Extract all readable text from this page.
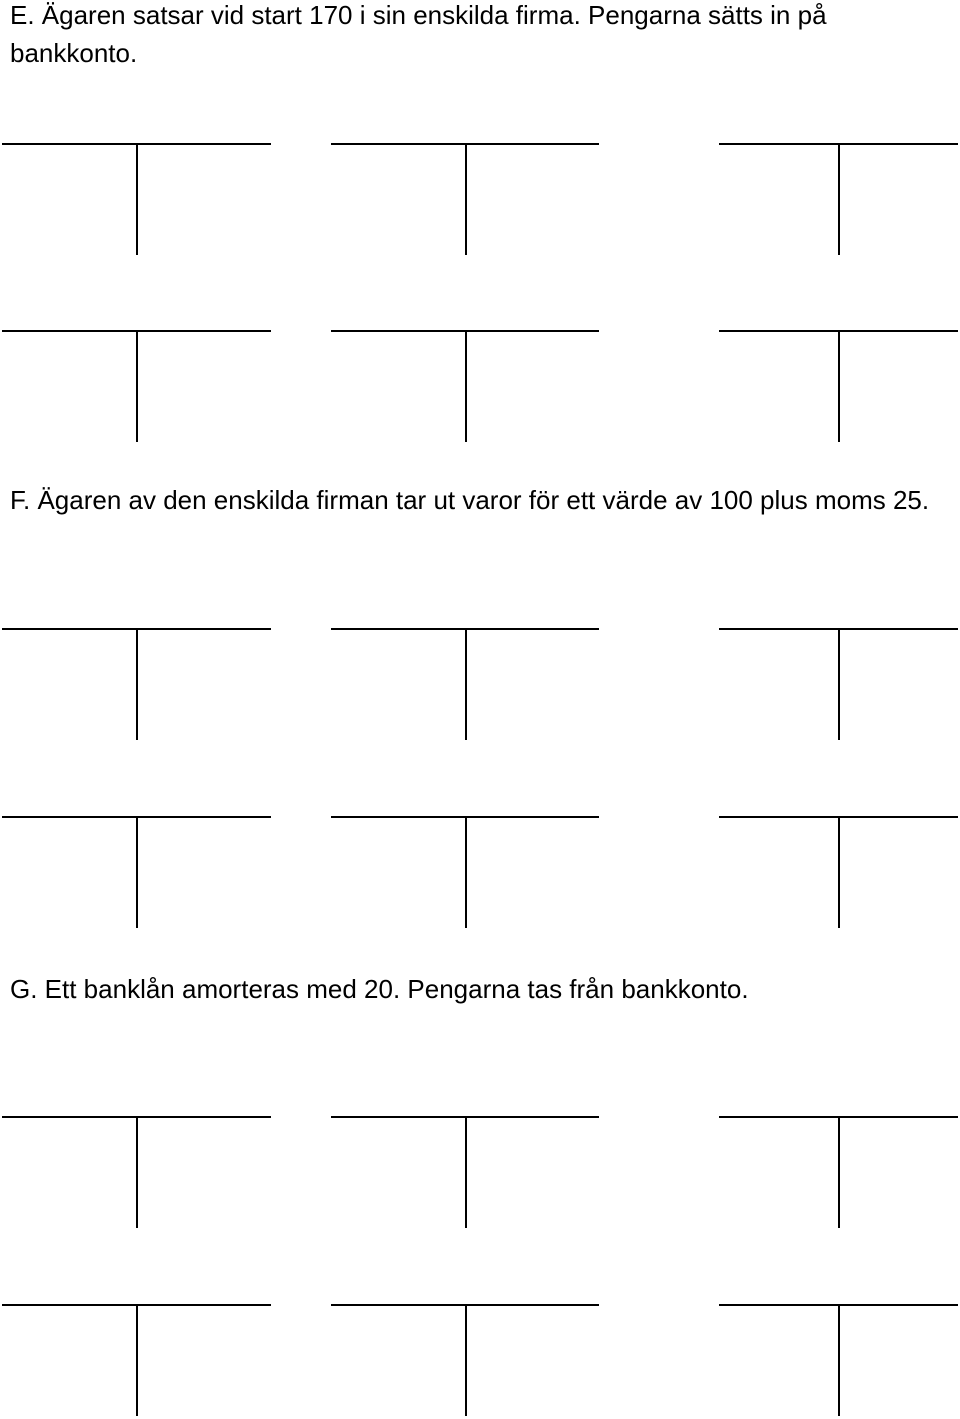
E. Ägaren satsar vid start 170 i sin enskilda firma. Pengarna sätts in på bankkonto.

F. Ägaren av den enskilda firman tar ut varor för ett värde av 100 plus moms 25.

G. Ett banklån amorteras med 20. Pengarna tas från bankkonto.
